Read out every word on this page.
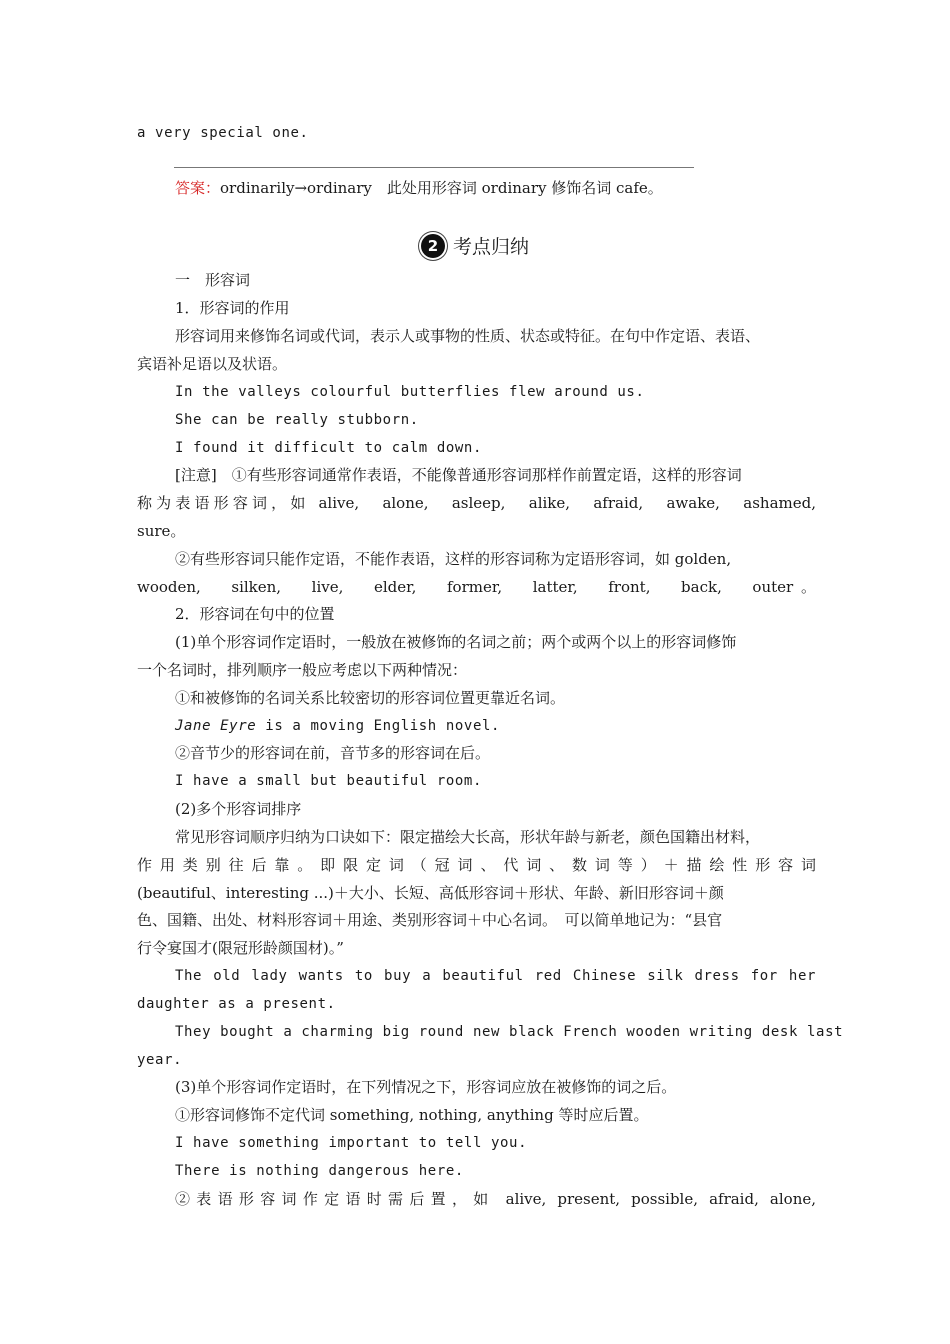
a very special one.
答案：ordinarily→ordinary　此处用形容词 ordinary 修饰名词 cafe。
2 考点归纳
一　形容词
1．形容词的作用
形容词用来修饰名词或代词，表示人或事物的性质、状态或特征。在句中作定语、表语、
宾语补足语以及状语。
In the valleys colourful butterflies flew around us.
She can be really stubborn.
I found it difficult to calm down.
[注意]　①有些形容词通常作表语，不能像普通形容词那样作前置定语，这样的形容词
称为表语形容词，如 alive,　alone,　asleep,　alike,　afraid,　awake,　ashamed,
sure。
②有些形容词只能作定语，不能作表语，这样的形容词称为定语形容词，如 golden,
wooden,　silken,　live,　elder,　former,　latter,　front,　back,　outer。
2．形容词在句中的位置
(1)单个形容词作定语时，一般放在被修饰的名词之前；两个或两个以上的形容词修饰
一个名词时，排列顺序一般应考虑以下两种情况：
①和被修饰的名词关系比较密切的形容词位置更靠近名词。
Jane Eyre is a moving English novel.
②音节少的形容词在前，音节多的形容词在后。
I have a small but beautiful room.
(2)多个形容词排序
常见形容词顺序归纳为口诀如下：限定描绘大长高，形状年龄与新老，颜色国籍出材料，
作用类别往后靠。即限定词（冠词、代词、数词等）＋描绘性形容词
(beautiful、interesting ...)＋大小、长短、高低形容词＋形状、年龄、新旧形容词＋颜
色、国籍、出处、材料形容词＋用途、类别形容词＋中心名词。　可以简单地记为：“县官
行令宴国才(限冠形龄颜国材)。”
The old lady wants to buy a beautiful red Chinese silk dress for her
daughter as a present.
They bought a charming big round new black French wooden writing desk last
year.
(3)单个形容词作定语时，在下列情况之下，形容词应放在被修饰的词之后。
①形容词修饰不定代词 something, nothing, anything 等时应后置。
I have something important to tell you.
There is nothing dangerous here.
②表语形容词作定语时需后置，如 alive, present, possible, afraid, alone,
